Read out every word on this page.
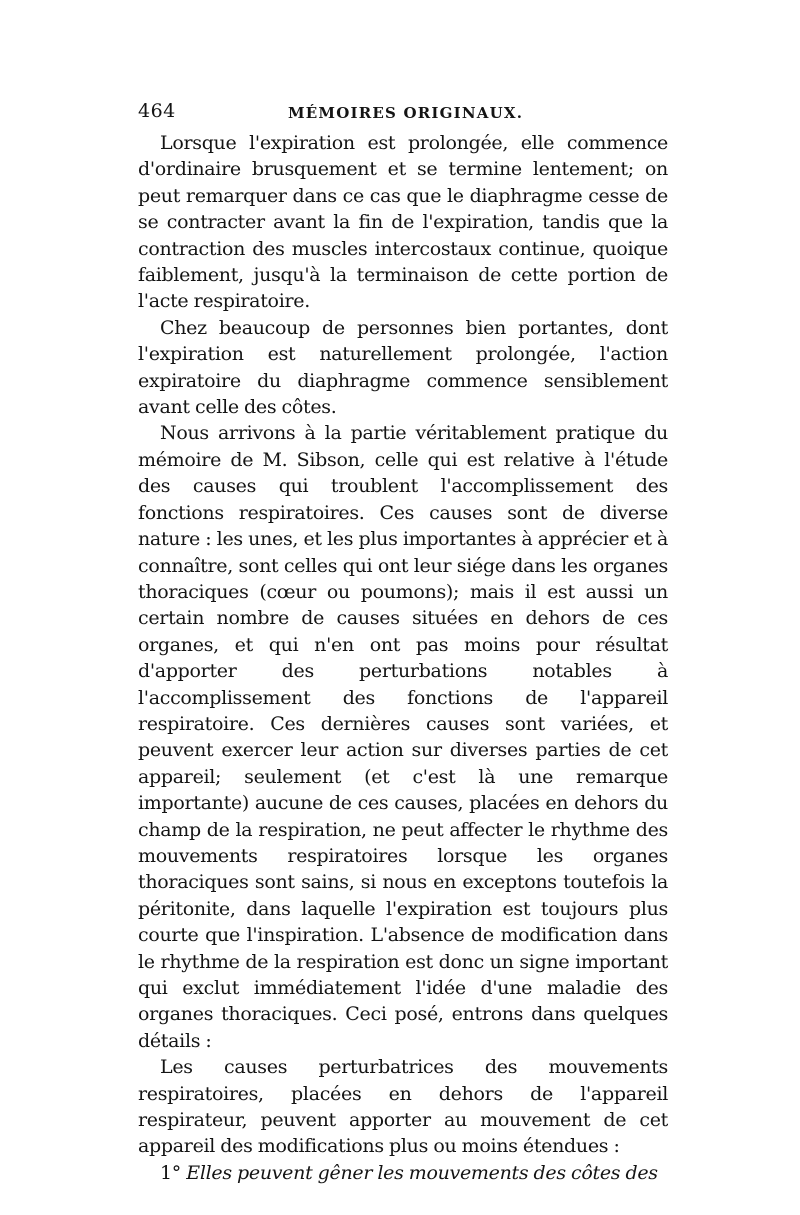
464	MÉMOIRES ORIGINAUX.

Lorsque l'expiration est prolongée, elle commence d'ordinaire brusquement et se termine lentement; on peut remarquer dans ce cas que le diaphragme cesse de se contracter avant la fin de l'expiration, tandis que la contraction des muscles intercostaux continue, quoique faiblement, jusqu'à la terminaison de cette portion de l'acte respiratoire.

Chez beaucoup de personnes bien portantes, dont l'expiration est naturellement prolongée, l'action expiratoire du diaphragme commence sensiblement avant celle des côtes.

Nous arrivons à la partie véritablement pratique du mémoire de M. Sibson, celle qui est relative à l'étude des causes qui troublent l'accomplissement des fonctions respiratoires. Ces causes sont de diverse nature : les unes, et les plus importantes à apprécier et à connaître, sont celles qui ont leur siége dans les organes thoraciques (cœur ou poumons); mais il est aussi un certain nombre de causes situées en dehors de ces organes, et qui n'en ont pas moins pour résultat d'apporter des perturbations notables à l'accomplissement des fonctions de l'appareil respiratoire. Ces dernières causes sont variées, et peuvent exercer leur action sur diverses parties de cet appareil; seulement (et c'est là une remarque importante) aucune de ces causes, placées en dehors du champ de la respiration, ne peut affecter le rhythme des mouvements respiratoires lorsque les organes thoraciques sont sains, si nous en exceptons toutefois la péritonite, dans laquelle l'expiration est toujours plus courte que l'inspiration. L'absence de modification dans le rhythme de la respiration est donc un signe important qui exclut immédiatement l'idée d'une maladie des organes thoraciques. Ceci posé, entrons dans quelques détails :

Les causes perturbatrices des mouvements respiratoires, placées en dehors de l'appareil respirateur, peuvent apporter au mouvement de cet appareil des modifications plus ou moins étendues :

1° Elles peuvent gêner les mouvements des côtes des
